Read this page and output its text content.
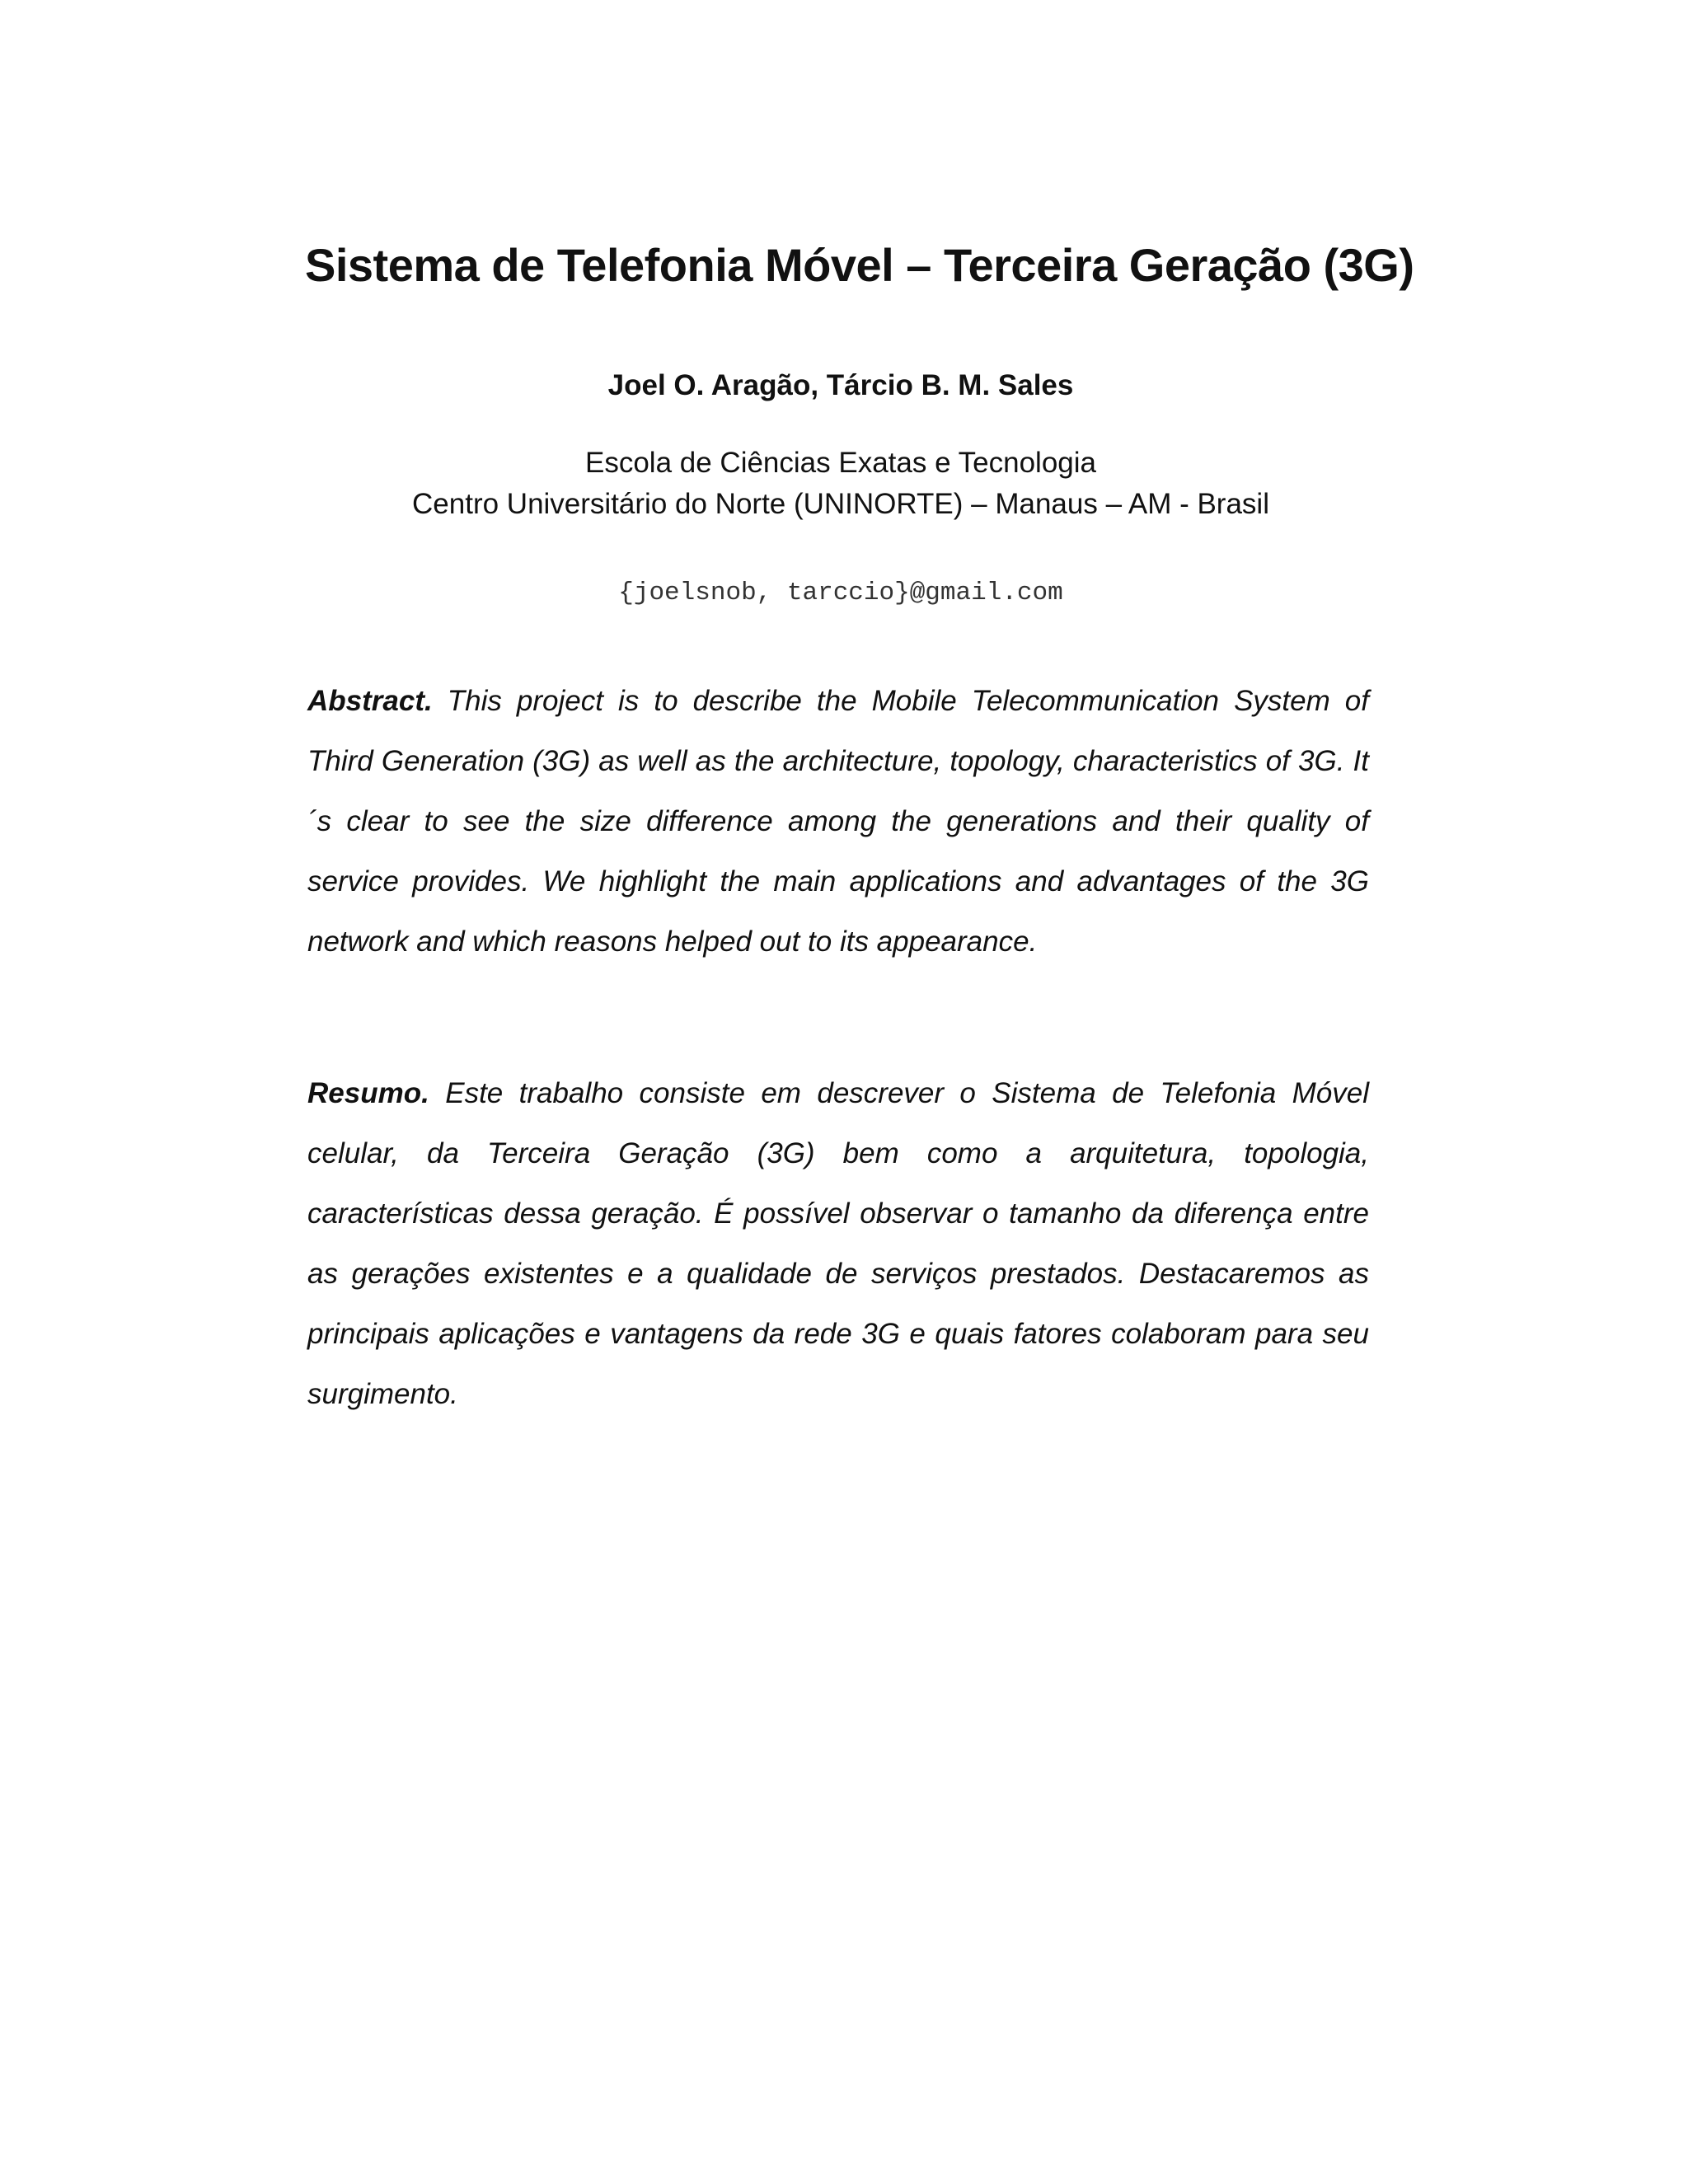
Sistema de Telefonia Móvel – Terceira Geração (3G)
Joel O. Aragão, Tárcio B. M. Sales
Escola de Ciências Exatas e Tecnologia
Centro Universitário do Norte (UNINORTE) – Manaus – AM - Brasil
{joelsnob, tarccio}@gmail.com
Abstract. This project is to describe the Mobile Telecommunication System of Third Generation (3G) as well as the architecture, topology, characteristics of 3G. It´s clear to see the size difference among the generations and their quality of service provides. We highlight the main applications and advantages of the 3G network and which reasons helped out to its appearance.
Resumo. Este trabalho consiste em descrever o Sistema de Telefonia Móvel celular, da Terceira Geração (3G) bem como a arquitetura, topologia, características dessa geração. É possível observar o tamanho da diferença entre as gerações existentes e a qualidade de serviços prestados. Destacaremos as principais aplicações e vantagens da rede 3G e quais fatores colaboram para seu surgimento.
